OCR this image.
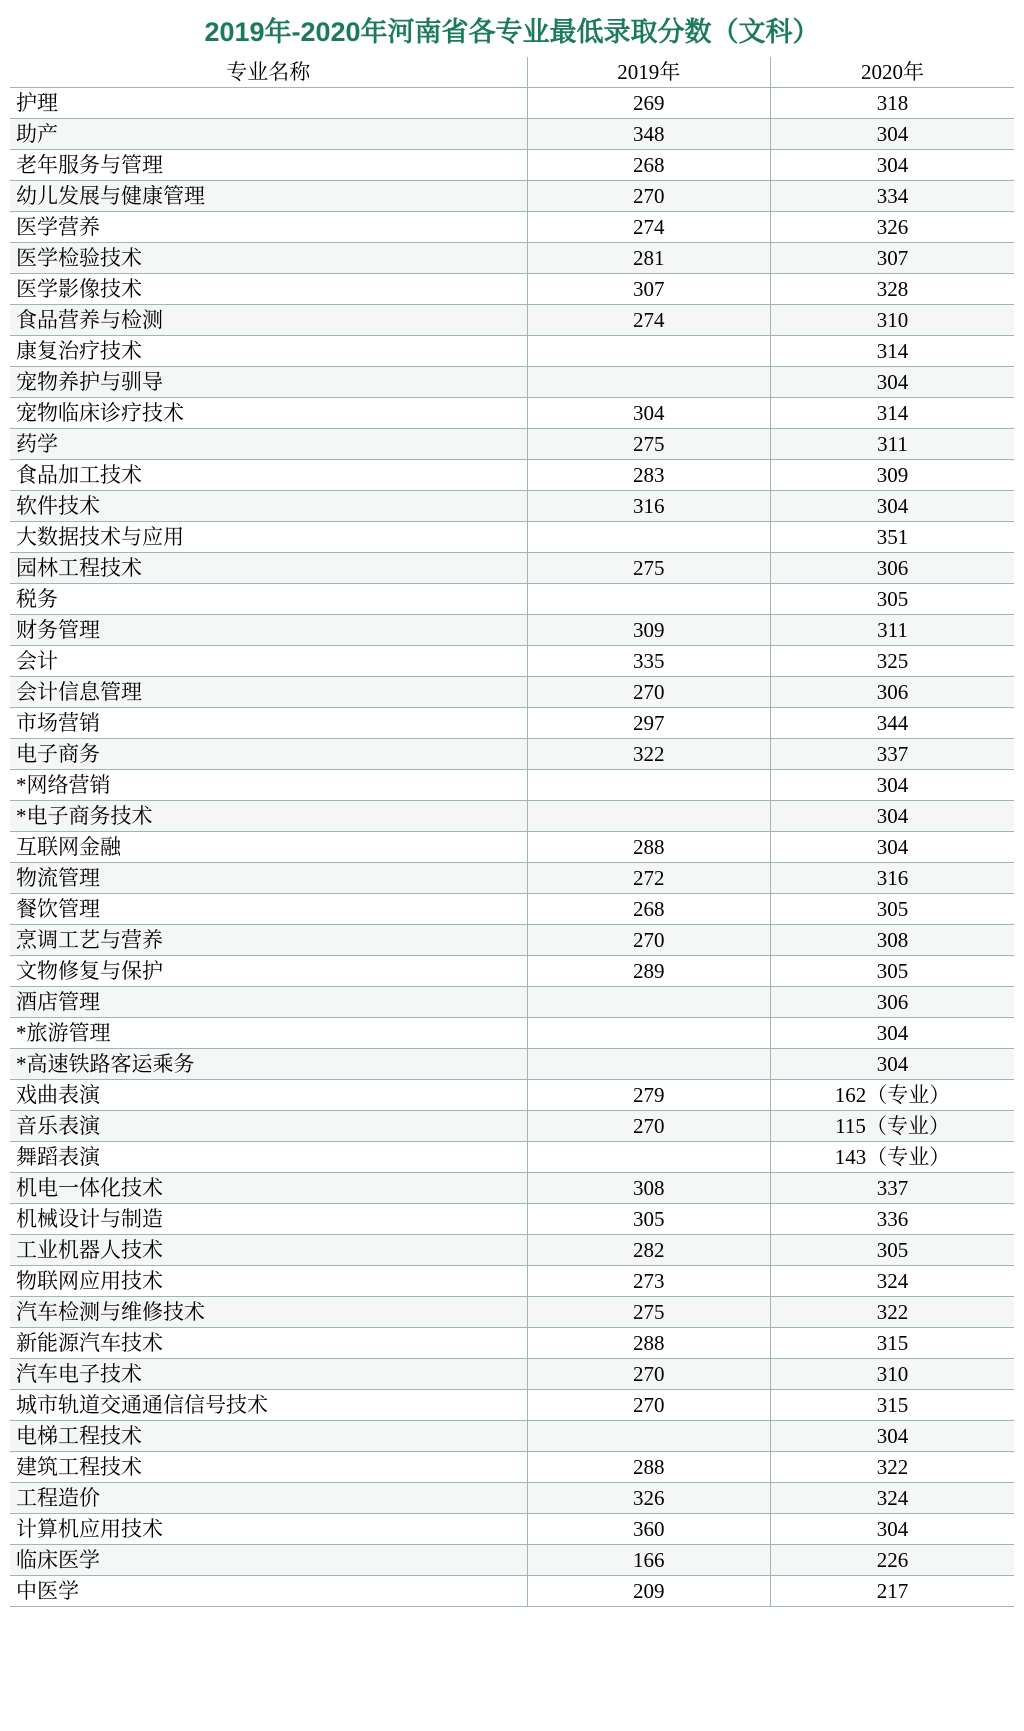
2019年-2020年河南省各专业最低录取分数（文科）
专业名称	2019年	2020年
护理	269	318
助产	348	304
老年服务与管理	268	304
幼儿发展与健康管理	270	334
医学营养	274	326
医学检验技术	281	307
医学影像技术	307	328
食品营养与检测	274	310
康复治疗技术		314
宠物养护与驯导		304
宠物临床诊疗技术	304	314
药学	275	311
食品加工技术	283	309
软件技术	316	304
大数据技术与应用		351
园林工程技术	275	306
税务		305
财务管理	309	311
会计	335	325
会计信息管理	270	306
市场营销	297	344
电子商务	322	337
*网络营销		304
*电子商务技术		304
互联网金融	288	304
物流管理	272	316
餐饮管理	268	305
烹调工艺与营养	270	308
文物修复与保护	289	305
酒店管理		306
*旅游管理		304
*高速铁路客运乘务		304
戏曲表演	279	162（专业）
音乐表演	270	115（专业）
舞蹈表演		143（专业）
机电一体化技术	308	337
机械设计与制造	305	336
工业机器人技术	282	305
物联网应用技术	273	324
汽车检测与维修技术	275	322
新能源汽车技术	288	315
汽车电子技术	270	310
城市轨道交通通信信号技术	270	315
电梯工程技术		304
建筑工程技术	288	322
工程造价	326	324
计算机应用技术	360	304
临床医学	166	226
中医学	209	217
